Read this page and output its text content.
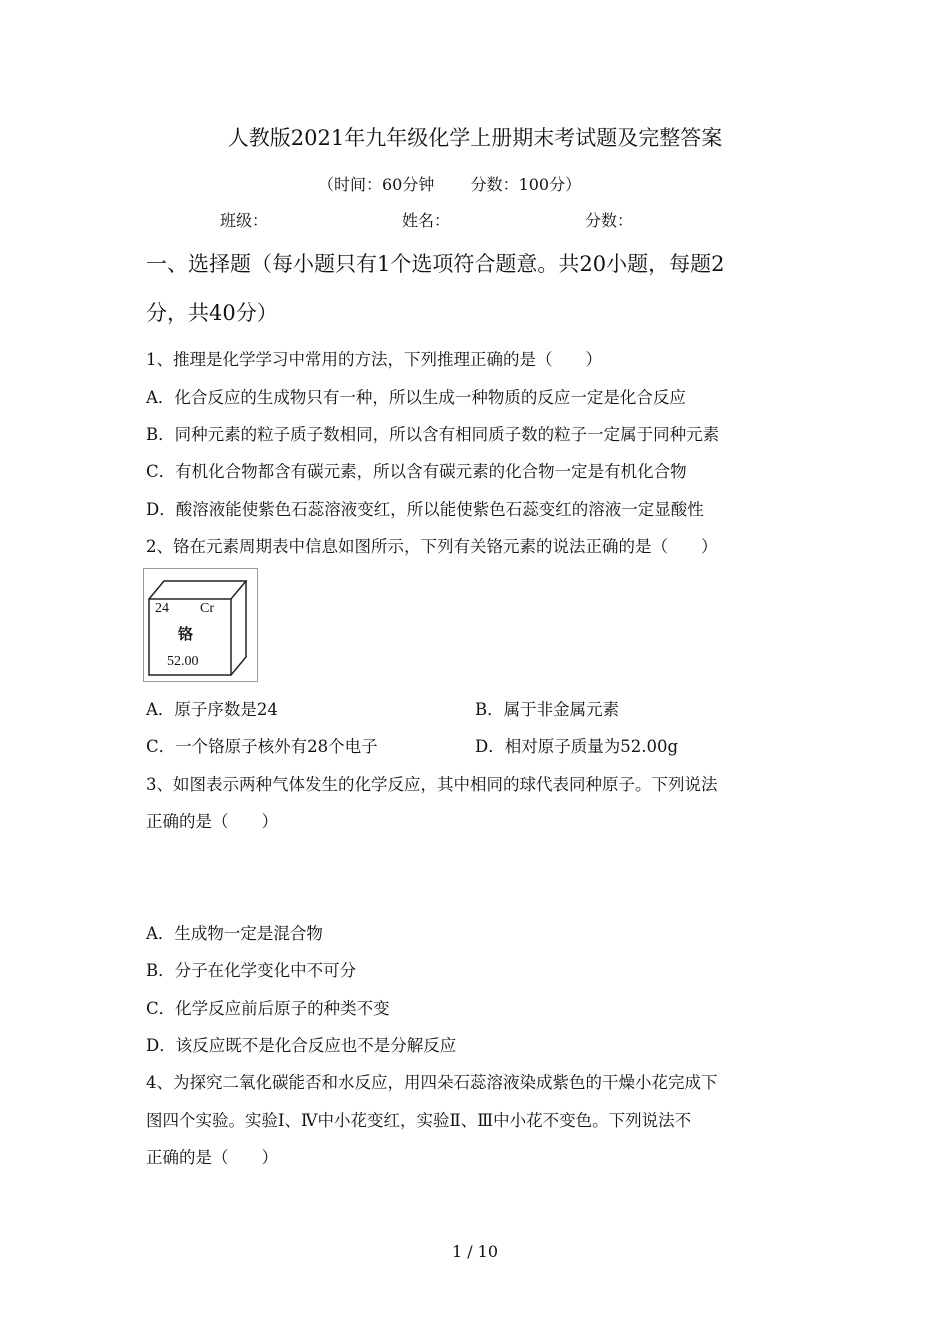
人教版2021年九年级化学上册期末考试题及完整答案
（时间：60分钟 分数：100分）
班级：	姓名：	分数：
一、选择题（每小题只有1个选项符合题意。共20小题，每题2
分，共40分）
1、推理是化学学习中常用的方法，下列推理正确的是（　　）
A．化合反应的生成物只有一种，所以生成一种物质的反应一定是化合反应
B．同种元素的粒子质子数相同，所以含有相同质子数的粒子一定属于同种元素
C．有机化合物都含有碳元素，所以含有碳元素的化合物一定是有机化合物
D．酸溶液能使紫色石蕊溶液变红，所以能使紫色石蕊变红的溶液一定显酸性
2、铬在元素周期表中信息如图所示，下列有关铬元素的说法正确的是（　　）
24 Cr
铬
52.00
A．原子序数是24	B．属于非金属元素
C．一个铬原子核外有28个电子	D．相对原子质量为52.00g
3、如图表示两种气体发生的化学反应，其中相同的球代表同种原子。下列说法
正确的是（　　）
A．生成物一定是混合物
B．分子在化学变化中不可分
C．化学反应前后原子的种类不变
D．该反应既不是化合反应也不是分解反应
4、为探究二氧化碳能否和水反应，用四朵石蕊溶液染成紫色的干燥小花完成下
图四个实验。实验Ⅰ、Ⅳ中小花变红，实验Ⅱ、Ⅲ中小花不变色。下列说法不
正确的是（　　）
1 / 10
